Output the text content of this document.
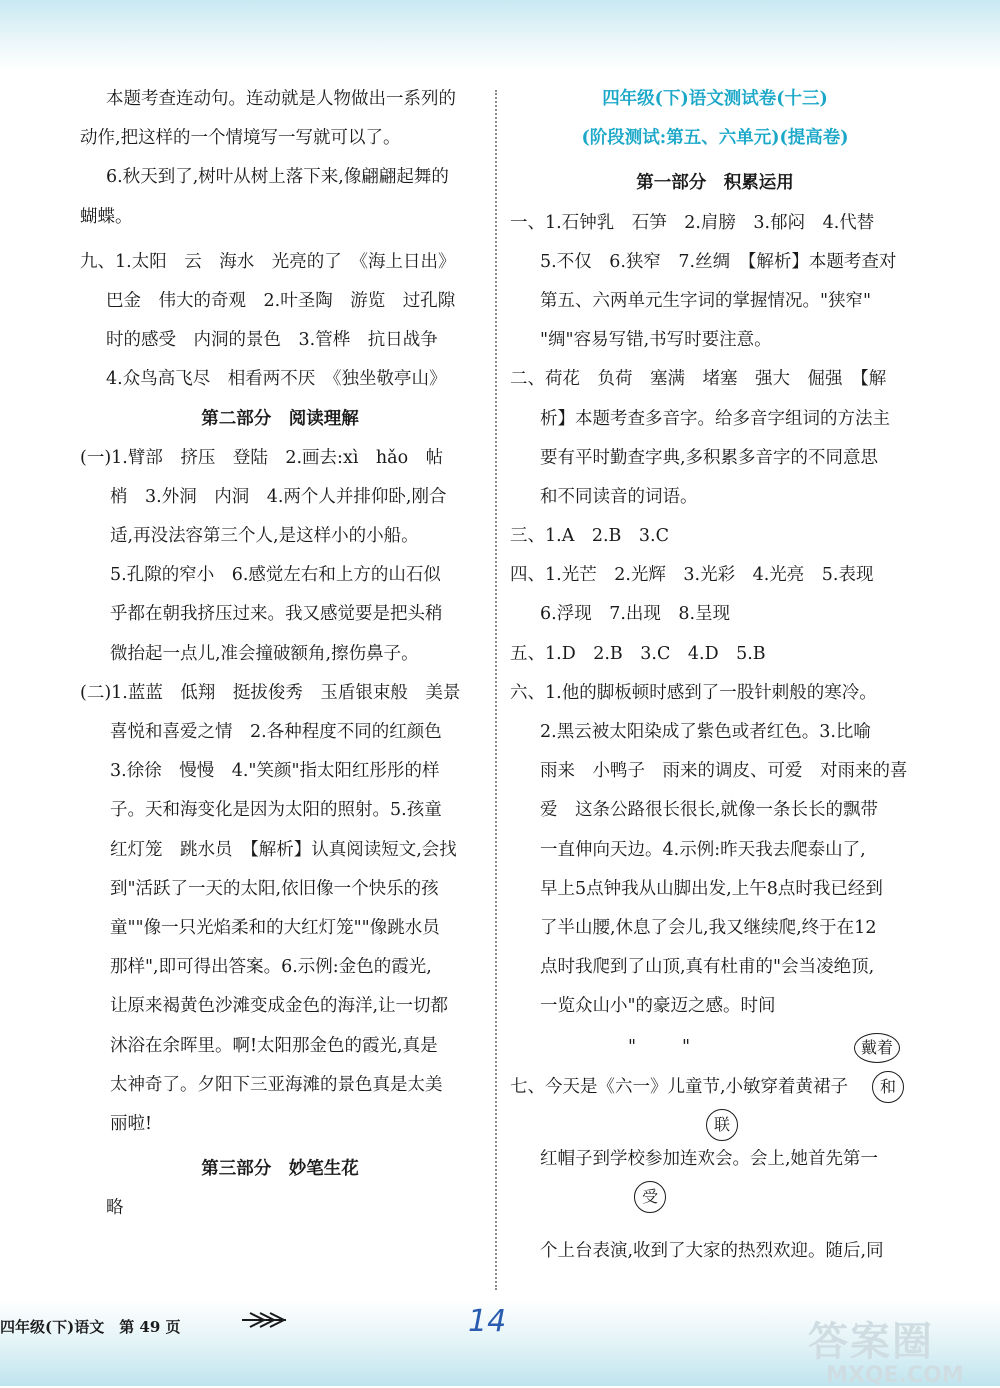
本题考查连动句。连动就是人物做出一系列的
动作,把这样的一个情境写一写就可以了。
6.秋天到了,树叶从树上落下来,像翩翩起舞的
蝴蝶。
九、1.太阳　云　海水　光亮的了　《海上日出》
巴金　伟大的奇观　2.叶圣陶　游览　过孔隙
时的感受　内洞的景色　3.管桦　抗日战争
4.众鸟高飞尽　相看两不厌　《独坐敬亭山》
第二部分　阅读理解
(一)1.臂部　挤压　登陆　2.画去:xì　hǎo　帖
梢　3.外洞　内洞　4.两个人并排仰卧,刚合
适,再没法容第三个人,是这样小的小船。
5.孔隙的窄小　6.感觉左右和上方的山石似
乎都在朝我挤压过来。我又感觉要是把头稍
微抬起一点儿,准会撞破额角,擦伤鼻子。
(二)1.蓝蓝　低翔　挺拔俊秀　玉盾银束般　美景
喜悦和喜爱之情　2.各种程度不同的红颜色
3.徐徐　慢慢　4."笑颜"指太阳红彤彤的样
子。天和海变化是因为太阳的照射。5.孩童
红灯笼　跳水员　【解析】认真阅读短文,会找
到"活跃了一天的太阳,依旧像一个快乐的孩
童""像一只光焰柔和的大红灯笼""像跳水员
那样",即可得出答案。6.示例:金色的霞光,
让原来褐黄色沙滩变成金色的海洋,让一切都
沐浴在余晖里。啊!太阳那金色的霞光,真是
太神奇了。夕阳下三亚海滩的景色真是太美
丽啦!
第三部分　妙笔生花
略
四年级(下)语文测试卷(十三)
(阶段测试:第五、六单元)(提高卷)
第一部分　积累运用
一、1.石钟乳　石笋　2.肩膀　3.郁闷　4.代替
5.不仅　6.狭窄　7.丝绸　【解析】本题考查对
第五、六两单元生字词的掌握情况。"狭窄"
"绸"容易写错,书写时要注意。
二、荷花　负荷　塞满　堵塞　强大　倔强　【解
析】本题考查多音字。给多音字组词的方法主
要有平时勤查字典,多积累多音字的不同意思
和不同读音的词语。
三、1.A　2.B　3.C
四、1.光芒　2.光辉　3.光彩　4.光亮　5.表现
6.浮现　7.出现　8.呈现
五、1.D　2.B　3.C　4.D　5.B
六、1.他的脚板顿时感到了一股针刺般的寒冷。
2.黑云被太阳染成了紫色或者红色。3.比喻
雨来　小鸭子　雨来的调皮、可爱　对雨来的喜
爱　这条公路很长很长,就像一条长长的飘带
一直伸向天边。4.示例:昨天我去爬泰山了,
早上5点钟我从山脚出发,上午8点时我已经到
了半山腰,休息了会儿,我又继续爬,终于在12
点时我爬到了山顶,真有杜甫的"会当凌绝顶,
一览众山小"的豪迈之感。时间
"	"	戴着
七、今天是《六一》儿童节,小敏穿着黄裙子	和
联
红帽子到学校参加连欢会。会上,她首先第一
受
个上台表演,收到了大家的热烈欢迎。随后,同
四年级(下)语文　第 49 页	14	答案圈
MXQE.COM
